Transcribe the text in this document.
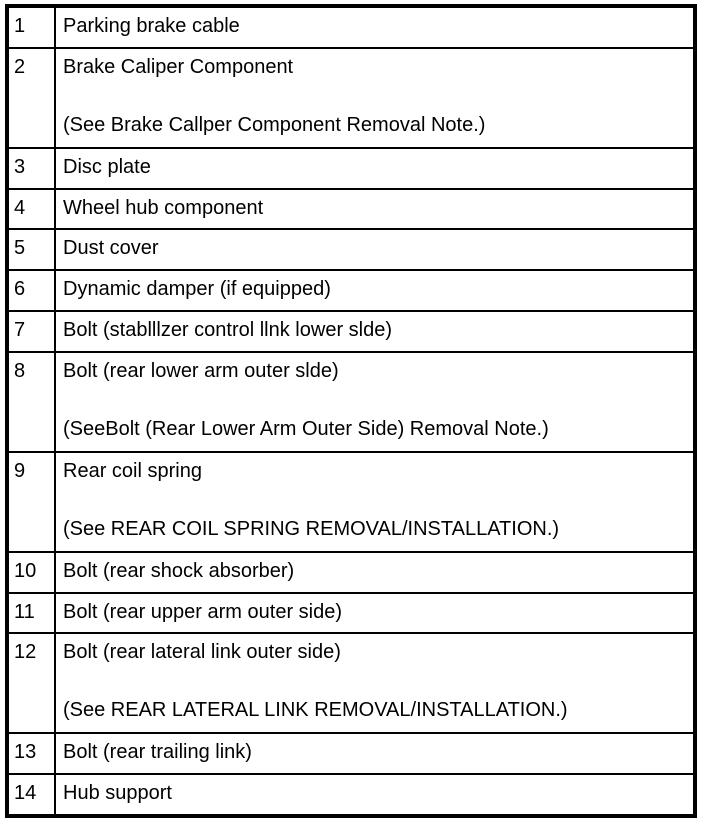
1	Parking brake cable

2	Brake Caliper Component
(See Brake Callper Component Removal Note.)

3	Disc plate

4	Wheel hub component

5	Dust cover

6	Dynamic damper (if equipped)

7	Bolt (stablllzer control llnk lower slde)

8	Bolt (rear lower arm outer slde)
(SeeBolt (Rear Lower Arm Outer Side) Removal Note.)

9	Rear coil spring
(See REAR COIL SPRING REMOVAL/INSTALLATION.)

10	Bolt (rear shock absorber)

11	Bolt (rear upper arm outer side)

12	Bolt (rear lateral link outer side)
(See REAR LATERAL LINK REMOVAL/INSTALLATION.)

13	Bolt (rear trailing link)

14	Hub support
